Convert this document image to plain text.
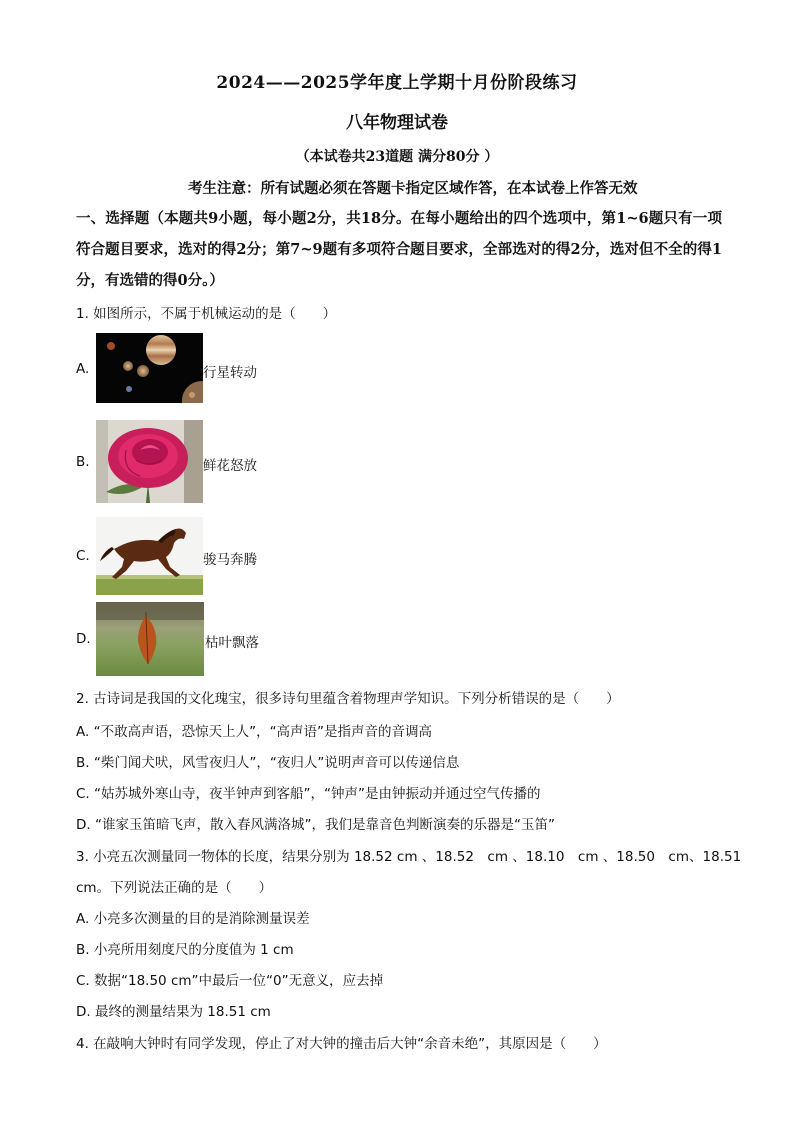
2024——2025学年度上学期十月份阶段练习
八年物理试卷
（本试卷共23道题 满分80分 ）
考生注意：所有试题必须在答题卡指定区域作答，在本试卷上作答无效
一、选择题（本题共9小题，每小题2分，共18分。在每小题给出的四个选项中，第1~6题只有一项符合题目要求，选对的得2分；第7~9题有多项符合题目要求，全部选对的得2分，选对但不全的得1分，有选错的得0分。）
1. 如图所示，不属于机械运动的是（　　）
A.	行星转动
B.	鲜花怒放
C.	骏马奔腾
D.	枯叶飘落
2. 古诗词是我国的文化瑰宝，很多诗句里蕴含着物理声学知识。下列分析错误的是（　　）
A. “不敢高声语，恐惊天上人”，“高声语”是指声音的音调高
B. “柴门闻犬吠，风雪夜归人”，“夜归人”说明声音可以传递信息
C. “姑苏城外寒山寺，夜半钟声到客船”，“钟声”是由钟振动并通过空气传播的
D. “谁家玉笛暗飞声，散入春风满洛城”，我们是靠音色判断演奏的乐器是“玉笛”
3. 小亮五次测量同一物体的长度，结果分别为 18.52 cm 、18.52　cm 、18.10　cm 、18.50　cm、18.51
cm。下列说法正确的是（　　）
A. 小亮多次测量的目的是消除测量误差
B. 小亮所用刻度尺的分度值为 1 cm
C. 数据“18.50 cm”中最后一位“0”无意义，应去掉
D. 最终的测量结果为 18.51 cm
4. 在敲响大钟时有同学发现，停止了对大钟的撞击后大钟“余音未绝”，其原因是（　　）
